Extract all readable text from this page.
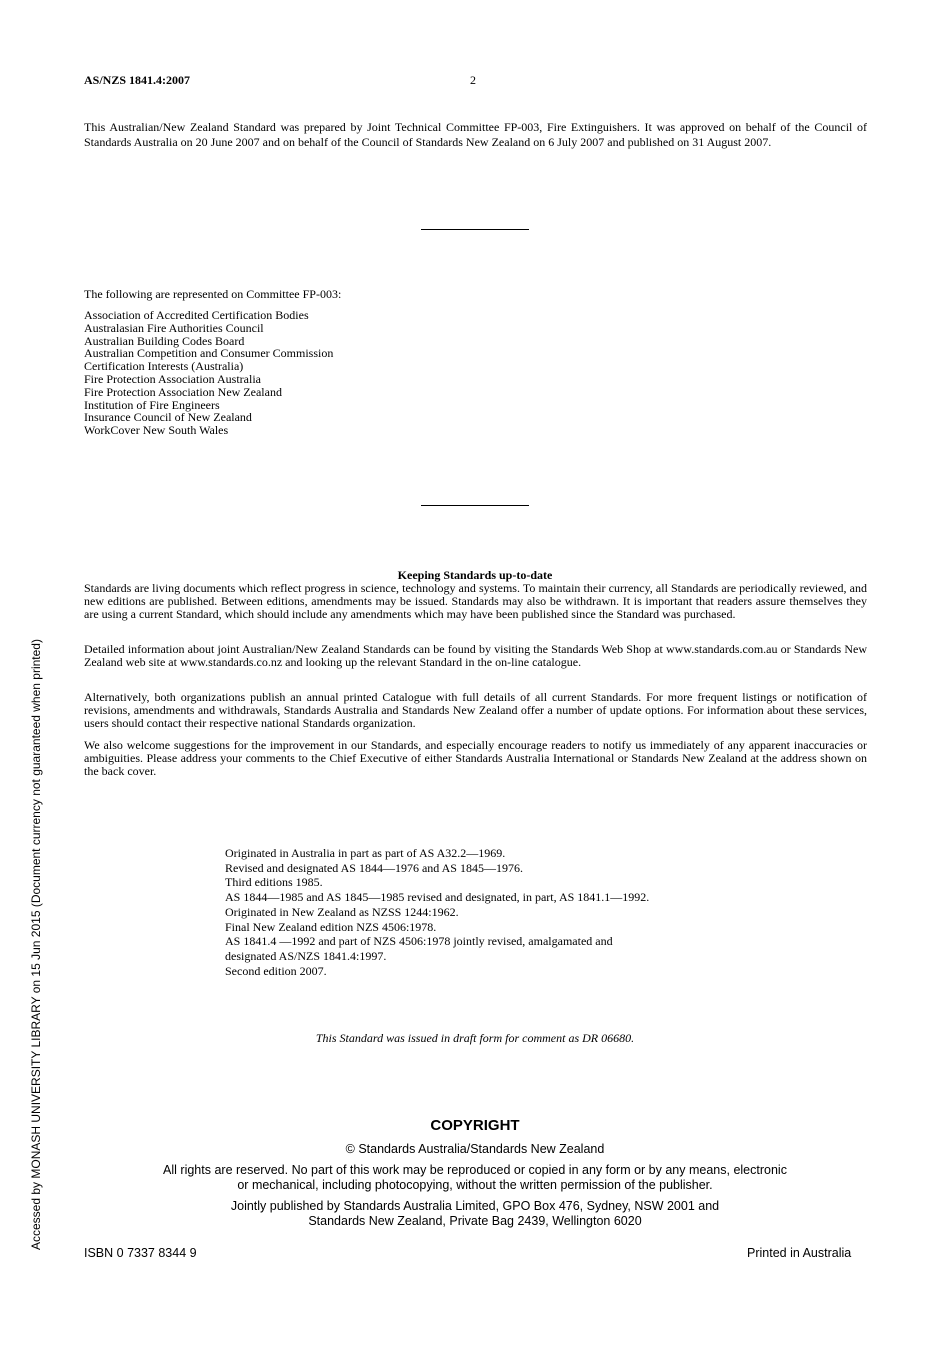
AS/NZS 1841.4:2007	2
This Australian/New Zealand Standard was prepared by Joint Technical Committee FP-003, Fire Extinguishers. It was approved on behalf of the Council of Standards Australia on 20 June 2007 and on behalf of the Council of Standards New Zealand on 6 July 2007 and published on 31 August 2007.
The following are represented on Committee FP-003:
Association of Accredited Certification Bodies
Australasian Fire Authorities Council
Australian Building Codes Board
Australian Competition and Consumer Commission
Certification Interests (Australia)
Fire Protection Association Australia
Fire Protection Association New Zealand
Institution of Fire Engineers
Insurance Council of New Zealand
WorkCover New South Wales
Keeping Standards up-to-date

Standards are living documents which reflect progress in science, technology and systems. To maintain their currency, all Standards are periodically reviewed, and new editions are published. Between editions, amendments may be issued. Standards may also be withdrawn. It is important that readers assure themselves they are using a current Standard, which should include any amendments which may have been published since the Standard was purchased.

Detailed information about joint Australian/New Zealand Standards can be found by visiting the Standards Web Shop at www.standards.com.au or Standards New Zealand web site at www.standards.co.nz and looking up the relevant Standard in the on-line catalogue.

Alternatively, both organizations publish an annual printed Catalogue with full details of all current Standards. For more frequent listings or notification of revisions, amendments and withdrawals, Standards Australia and Standards New Zealand offer a number of update options. For information about these services, users should contact their respective national Standards organization.

We also welcome suggestions for the improvement in our Standards, and especially encourage readers to notify us immediately of any apparent inaccuracies or ambiguities. Please address your comments to the Chief Executive of either Standards Australia International or Standards New Zealand at the address shown on the back cover.

Originated in Australia in part as part of AS A32.2—1969.
Revised and designated AS 1844—1976 and AS 1845—1976.
Third editions 1985.
AS 1844—1985 and AS 1845—1985 revised and designated, in part, AS 1841.1—1992.
Originated in New Zealand as NZSS 1244:1962.
Final New Zealand edition NZS 4506:1978.
AS 1841.4 —1992 and part of NZS 4506:1978 jointly revised, amalgamated and
designated AS/NZS 1841.4:1997.
Second edition 2007.
This Standard was issued in draft form for comment as DR 06680.
COPYRIGHT
© Standards Australia/Standards New Zealand
All rights are reserved. No part of this work may be reproduced or copied in any form or by any means, electronic
or mechanical, including photocopying, without the written permission of the publisher.
Jointly published by Standards Australia Limited, GPO Box 476, Sydney, NSW 2001 and
Standards New Zealand, Private Bag 2439, Wellington 6020
ISBN 0 7337 8344 9	Printed in Australia
Accessed by MONASH UNIVERSITY LIBRARY on 15 Jun 2015 (Document currency not guaranteed when printed)
